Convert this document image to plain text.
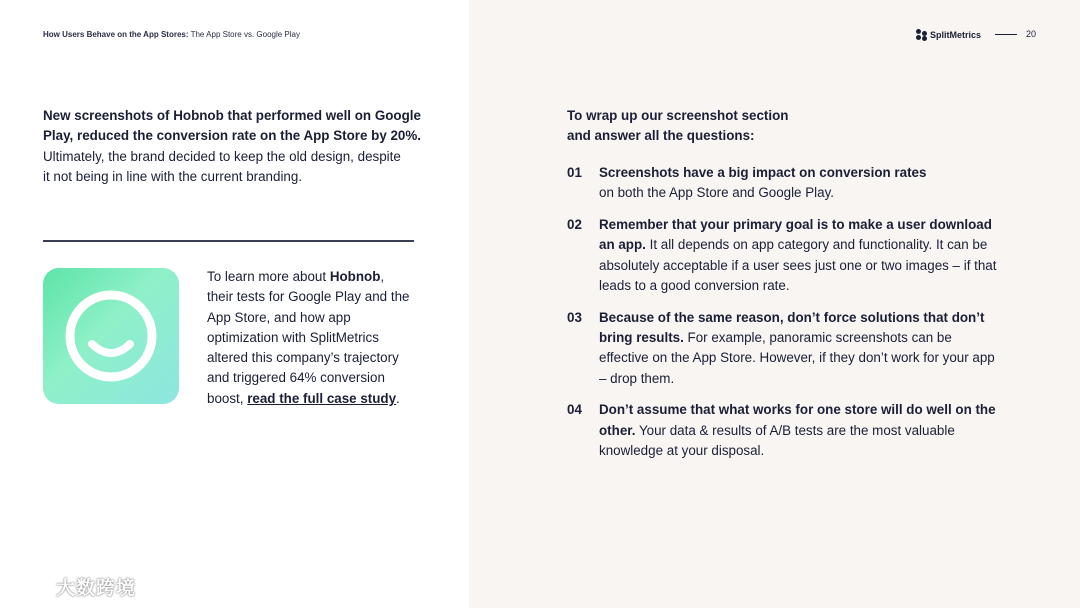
How Users Behave on the App Stores: The App Store vs. Google Play	SplitMetrics	20
New screenshots of Hobnob that performed well on Google
Play, reduced the conversion rate on the App Store by 20%.
Ultimately, the brand decided to keep the old design, despite
it not being in line with the current branding.
To learn more about Hobnob, their tests for Google Play and the App Store, and how app optimization with SplitMetrics altered this company’s trajectory and triggered 64% conversion boost, read the full case study.
To wrap up our screenshot section
and answer all the questions:
01 Screenshots have a big impact on conversion rates
on both the App Store and Google Play.
02 Remember that your primary goal is to make a user download an app. It all depends on app category and functionality. It can be absolutely acceptable if a user sees just one or two images – if that leads to a good conversion rate.
03 Because of the same reason, don’t force solutions that don’t bring results. For example, panoramic screenshots can be effective on the App Store. However, if they don’t work for your app – drop them.
04 Don’t assume that what works for one store will do well on the other. Your data & results of A/B tests are the most valuable knowledge at your disposal.
大数跨境
